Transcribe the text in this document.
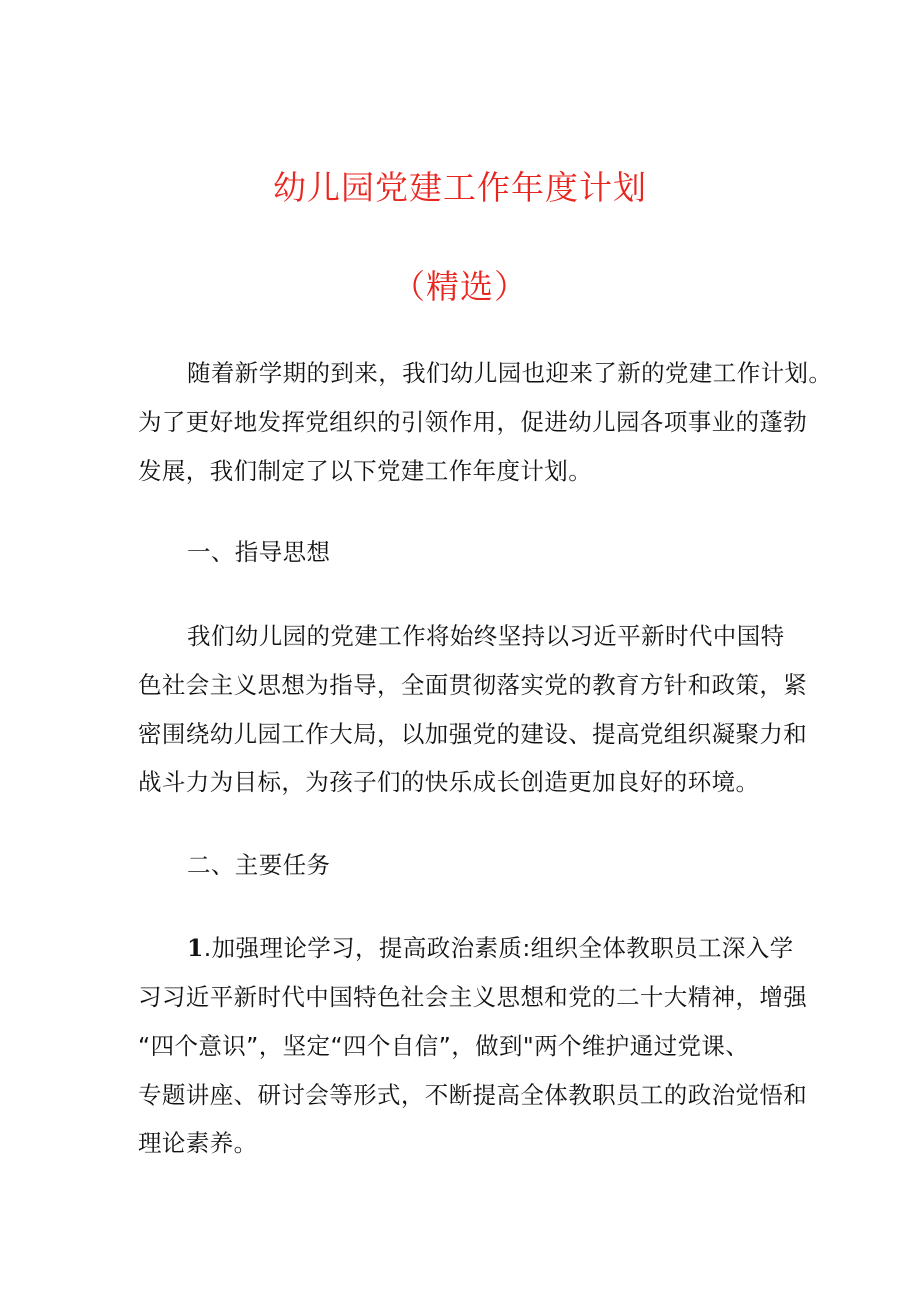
幼儿园党建工作年度计划
（精选）
随着新学期的到来，我们幼儿园也迎来了新的党建工作计划。
为了更好地发挥党组织的引领作用，促进幼儿园各项事业的蓬勃
发展，我们制定了以下党建工作年度计划。
一、指导思想
我们幼儿园的党建工作将始终坚持以习近平新时代中国特
色社会主义思想为指导，全面贯彻落实党的教育方针和政策，紧
密围绕幼儿园工作大局，以加强党的建设、提高党组织凝聚力和
战斗力为目标，为孩子们的快乐成长创造更加良好的环境。
二、主要任务
1.加强理论学习，提高政治素质:组织全体教职员工深入学
习习近平新时代中国特色社会主义思想和党的二十大精神，增强
“四个意识”，坚定“四个自信”，做到"两个维护通过党课、
专题讲座、研讨会等形式，不断提高全体教职员工的政治觉悟和
理论素养。
